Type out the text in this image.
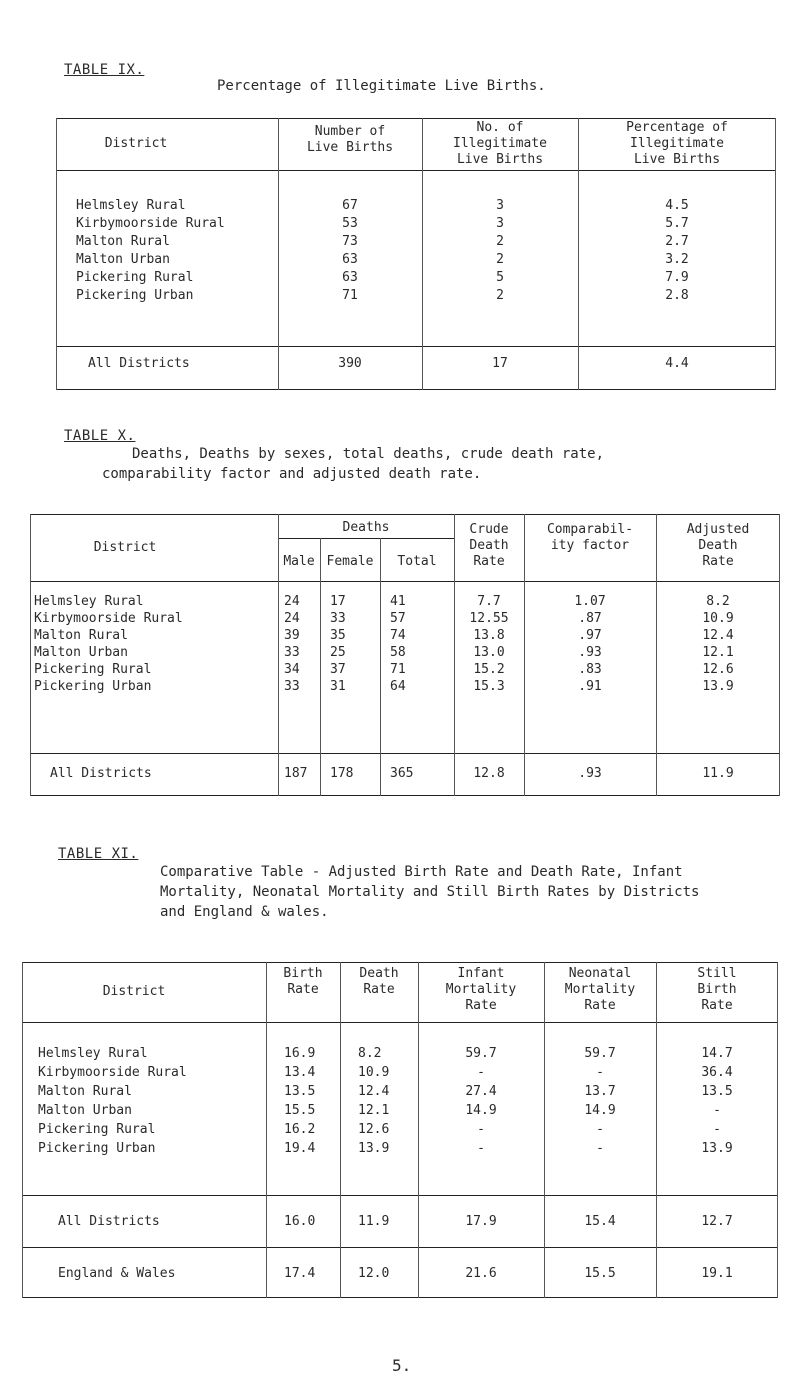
TABLE IX.
Percentage of Illegitimate Live Births.
District
Number of
Live Births
No. of
Illegitimate
Live Births
Percentage of
Illegitimate
Live Births
Helmsley Rural	67	3	4.5
Kirbymoorside Rural	53	3	5.7
Malton Rural	73	2	2.7
Malton Urban	63	2	3.2
Pickering Rural	63	5	7.9
Pickering Urban	71	2	2.8
All Districts	390	17	4.4
TABLE X.
Deaths, Deaths by sexes, total deaths, crude death rate,
comparability factor and adjusted death rate.
District
Deaths
Male Female	Total
Crude
Death
Rate
Comparabil-
ity factor
Adjusted
Death
Rate
Helmsley Rural	24 17	41	7.7	1.07	8.2
Kirbymoorside Rural	24 33	57	12.55	.87	10.9
Malton Rural	39 35	74	13.8	.97	12.4
Malton Urban	33 25	58	13.0	.93	12.1
Pickering Rural	34 37	71	15.2	.83	12.6
Pickering Urban	33 31	64	15.3	.91	13.9
All Districts	187 178	365	12.8	.93	11.9
TABLE XI.
Comparative Table - Adjusted Birth Rate and Death Rate, Infant
Mortality, Neonatal Mortality and Still Birth Rates by Districts
and England & wales.
District
Birth
Rate
Death
Rate
Infant
Mortality
Rate
Neonatal
Mortality
Rate
Still
Birth
Rate
Helmsley Rural	16.9	8.2	59.7	59.7	14.7
Kirbymoorside Rural	13.4	10.9	-	-	36.4
Malton Rural	13.5	12.4	27.4	13.7	13.5
Malton Urban	15.5	12.1	14.9	14.9	-
Pickering Rural	16.2	12.6	-	-	-
Pickering Urban	19.4	13.9	-	-	13.9
All Districts	16.0	11.9	17.9	15.4	12.7
England & Wales	17.4	12.0	21.6	15.5	19.1
5.
